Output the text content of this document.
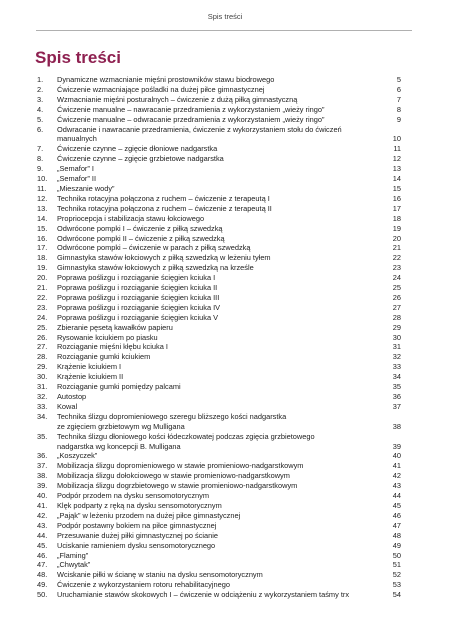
Spis treści
Spis treści
1.	Dynamiczne wzmacnianie mięśni prostowników stawu biodrowego	5
2.	Ćwiczenie wzmacniające pośladki na dużej piłce gimnastycznej	6
3.	Wzmacnianie mięśni posturalnych – ćwiczenie z dużą piłką gimnastyczną	7
4.	Ćwiczenie manualne – nawracanie przedramienia z wykorzystaniem „wieży ringo”	8
5.	Ćwiczenie manualne – odwracanie przedramienia z wykorzystaniem „wieży ringo”	9
6.	Odwracanie i nawracanie przedramienia, ćwiczenie z wykorzystaniem stołu do ćwiczeń
manualnych	10
7.	Ćwiczenie czynne – zgięcie dłoniowe nadgarstka	11
8.	Ćwiczenie czynne – zgięcie grzbietowe nadgarstka	12
9.	„Semafor” I	13
10.	„Semafor” II	14
11.	„Mieszanie wody”	15
12.	Technika rotacyjna połączona z ruchem – ćwiczenie z terapeutą I	16
13.	Technika rotacyjna połączona z ruchem – ćwiczenie z terapeutą II	17
14.	Propriocepcja i stabilizacja stawu łokciowego	18
15.	Odwrócone pompki I – ćwiczenie z piłką szwedzką	19
16.	Odwrócone pompki II – ćwiczenie z piłką szwedzką	20
17.	Odwrócone pompki – ćwiczenie w parach z piłką szwedzką	21
18.	Gimnastyka stawów łokciowych z piłką szwedzką w leżeniu tyłem	22
19.	Gimnastyka stawów łokciowych z piłką szwedzką na krześle	23
20.	Poprawa poślizgu i rozciąganie ścięgien kciuka I	24
21.	Poprawa poślizgu i rozciąganie ścięgien kciuka II	25
22.	Poprawa poślizgu i rozciąganie ścięgien kciuka III	26
23.	Poprawa poślizgu i rozciąganie ścięgien kciuka IV	27
24.	Poprawa poślizgu i rozciąganie ścięgien kciuka V	28
25.	Zbieranie pęsetą kawałków papieru	29
26.	Rysowanie kciukiem po piasku	30
27.	Rozciąganie mięśni kłębu kciuka I	31
28.	Rozciąganie gumki kciukiem	32
29.	Krążenie kciukiem I	33
30.	Krążenie kciukiem II	34
31.	Rozciąganie gumki pomiędzy palcami	35
32.	Autostop	36
33.	Kowal	37
34.	Technika ślizgu dopromieniowego szeregu bliższego kości nadgarstka
ze zgięciem grzbietowym wg Mulligana	38
35.	Technika ślizgu dłoniowego kości łódeczkowatej podczas zgięcia grzbietowego
nadgarstka wg koncepcji B. Mulligana	39
36.	„Koszyczek”	40
37.	Mobilizacja ślizgu dopromieniowego w stawie promieniowo-nadgarstkowym	41
38.	Mobilizacja ślizgu dołokciowego w stawie promieniowo-nadgarstkowym	42
39.	Mobilizacja ślizgu dogrzbietowego w stawie promieniowo-nadgarstkowym	43
40.	Podpór przodem na dysku sensomotorycznym	44
41.	Klęk podparty z ręką na dysku sensomotorycznym	45
42.	„Pająk” w leżeniu przodem na dużej piłce gimnastycznej	46
43.	Podpór postawny bokiem na piłce gimnastycznej	47
44.	Przesuwanie dużej piłki gimnastycznej po ścianie	48
45.	Uciskanie ramieniem dysku sensomotorycznego	49
46.	„Flaming”	50
47.	„Chwytak”	51
48.	Wciskanie piłki w ścianę w staniu na dysku sensomotorycznym	52
49.	Ćwiczenie z wykorzystaniem rotoru rehabilitacyjnego	53
50.	Uruchamianie stawów skokowych I – ćwiczenie w odciążeniu z wykorzystaniem taśmy trx	54
